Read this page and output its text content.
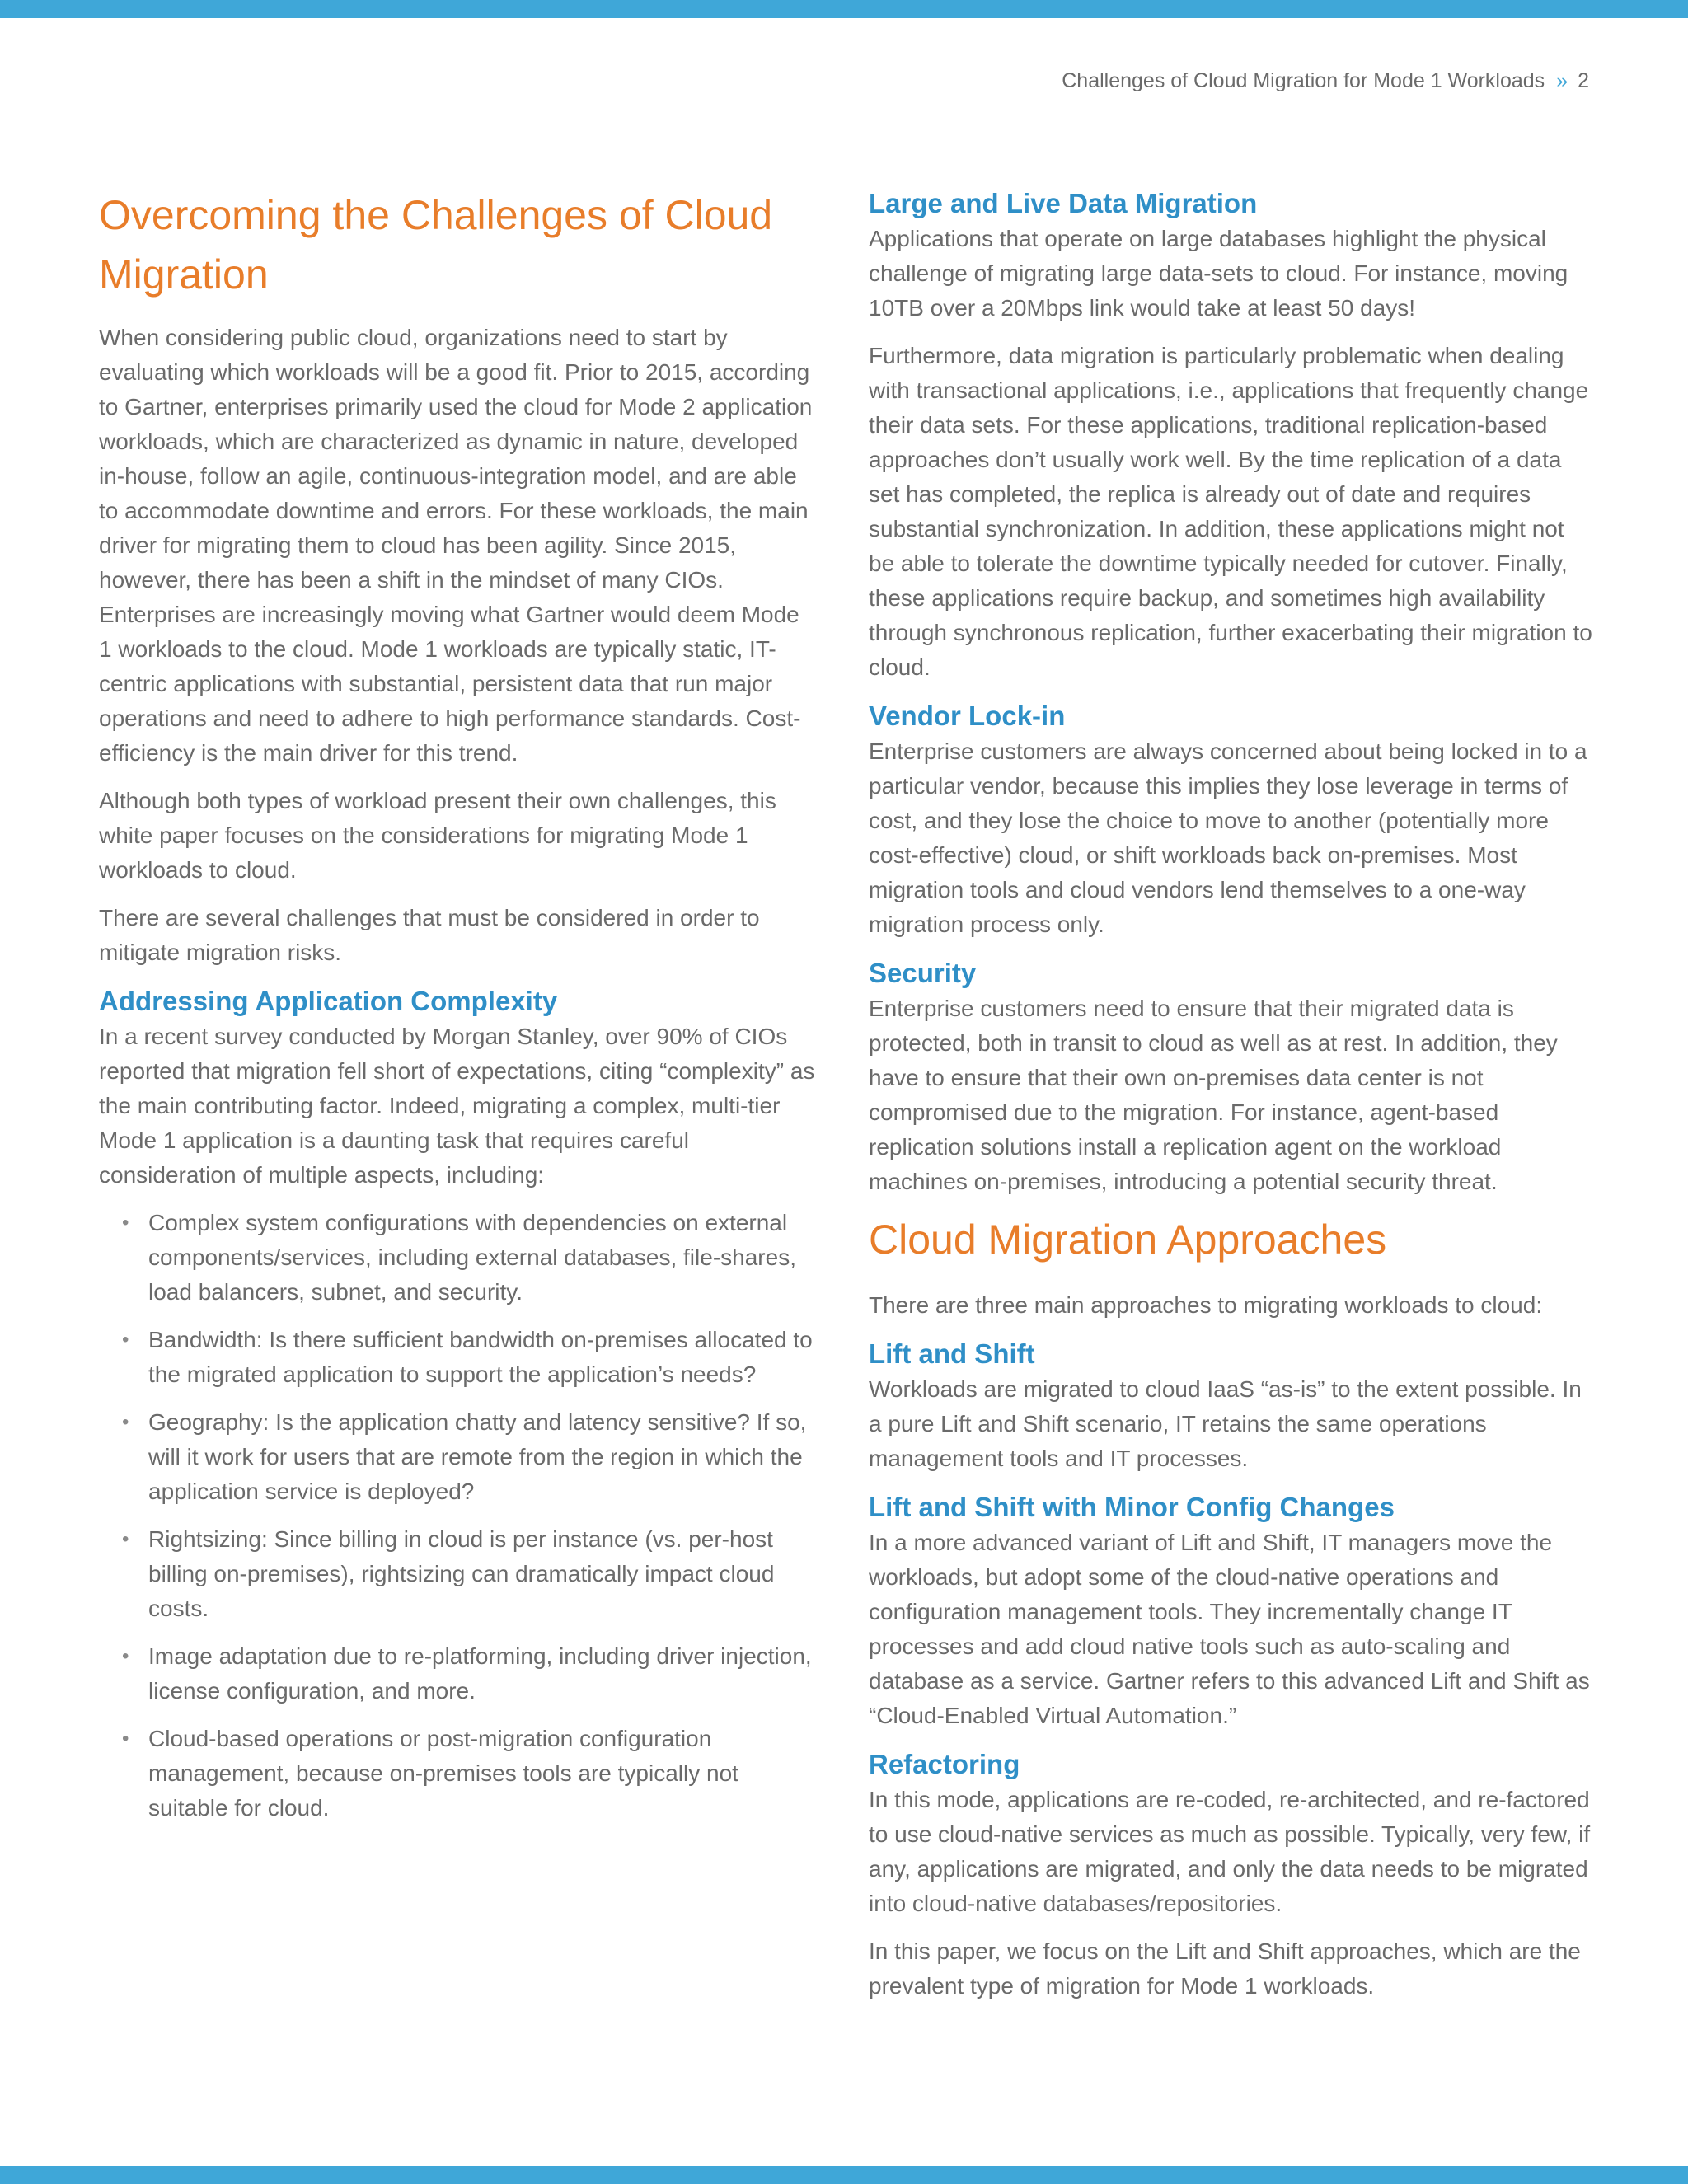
Challenges of Cloud Migration for Mode 1 Workloads » 2
Overcoming the Challenges of Cloud Migration

When considering public cloud, organizations need to start by evaluating which workloads will be a good fit. Prior to 2015, according to Gartner, enterprises primarily used the cloud for Mode 2 application workloads, which are characterized as dynamic in nature, developed in-house, follow an agile, continuous-integration model, and are able to accommodate downtime and errors. For these workloads, the main driver for migrating them to cloud has been agility. Since 2015, however, there has been a shift in the mindset of many CIOs. Enterprises are increasingly moving what Gartner would deem Mode 1 workloads to the cloud. Mode 1 workloads are typically static, IT-centric applications with substantial, persistent data that run major operations and need to adhere to high performance standards. Cost-efficiency is the main driver for this trend.

Although both types of workload present their own challenges, this white paper focuses on the considerations for migrating Mode 1 workloads to cloud.

There are several challenges that must be considered in order to mitigate migration risks.

Addressing Application Complexity

In a recent survey conducted by Morgan Stanley, over 90% of CIOs reported that migration fell short of expectations, citing “complexity” as the main contributing factor. Indeed, migrating a complex, multi-tier Mode 1 application is a daunting task that requires careful consideration of multiple aspects, including:

• Complex system configurations with dependencies on external components/services, including external databases, file-shares, load balancers, subnet, and security.
• Bandwidth: Is there sufficient bandwidth on-premises allocated to the migrated application to support the application’s needs?
• Geography: Is the application chatty and latency sensitive? If so, will it work for users that are remote from the region in which the application service is deployed?
• Rightsizing: Since billing in cloud is per instance (vs. per-host billing on-premises), rightsizing can dramatically impact cloud costs.
• Image adaptation due to re-platforming, including driver injection, license configuration, and more.
• Cloud-based operations or post-migration configuration management, because on-premises tools are typically not suitable for cloud.
Large and Live Data Migration

Applications that operate on large databases highlight the physical challenge of migrating large data-sets to cloud. For instance, moving 10TB over a 20Mbps link would take at least 50 days!

Furthermore, data migration is particularly problematic when dealing with transactional applications, i.e., applications that frequently change their data sets. For these applications, traditional replication-based approaches don’t usually work well. By the time replication of a data set has completed, the replica is already out of date and requires substantial synchronization. In addition, these applications might not be able to tolerate the downtime typically needed for cutover. Finally, these applications require backup, and sometimes high availability through synchronous replication, further exacerbating their migration to cloud.

Vendor Lock-in

Enterprise customers are always concerned about being locked in to a particular vendor, because this implies they lose leverage in terms of cost, and they lose the choice to move to another (potentially more cost-effective) cloud, or shift workloads back on-premises. Most migration tools and cloud vendors lend themselves to a one-way migration process only.

Security

Enterprise customers need to ensure that their migrated data is protected, both in transit to cloud as well as at rest. In addition, they have to ensure that their own on-premises data center is not compromised due to the migration. For instance, agent-based replication solutions install a replication agent on the workload machines on-premises, introducing a potential security threat.

Cloud Migration Approaches

There are three main approaches to migrating workloads to cloud:

Lift and Shift

Workloads are migrated to cloud IaaS “as-is” to the extent possible. In a pure Lift and Shift scenario, IT retains the same operations management tools and IT processes.

Lift and Shift with Minor Config Changes

In a more advanced variant of Lift and Shift, IT managers move the workloads, but adopt some of the cloud-native operations and configuration management tools. They incrementally change IT processes and add cloud native tools such as auto-scaling and database as a service. Gartner refers to this advanced Lift and Shift as “Cloud-Enabled Virtual Automation.”

Refactoring

In this mode, applications are re-coded, re-architected, and re-factored to use cloud-native services as much as possible. Typically, very few, if any, applications are migrated, and only the data needs to be migrated into cloud-native databases/repositories.

In this paper, we focus on the Lift and Shift approaches, which are the prevalent type of migration for Mode 1 workloads.
